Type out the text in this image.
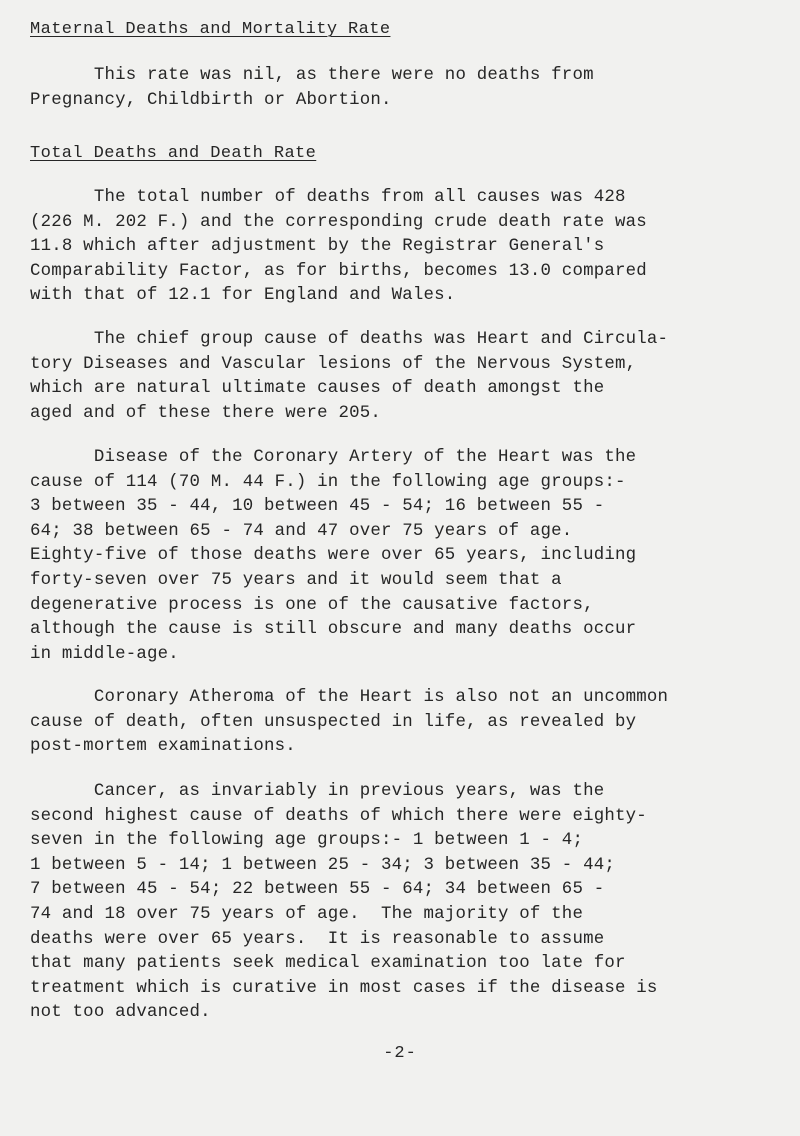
Maternal Deaths and Mortality Rate
This rate was nil, as there were no deaths from
Pregnancy, Childbirth or Abortion.
Total Deaths and Death Rate
The total number of deaths from all causes was 428
(226 M. 202 F.) and the corresponding crude death rate was
11.8 which after adjustment by the Registrar General's
Comparability Factor, as for births, becomes 13.0 compared
with that of 12.1 for England and Wales.
The chief group cause of deaths was Heart and Circula-
tory Diseases and Vascular lesions of the Nervous System,
which are natural ultimate causes of death amongst the
aged and of these there were 205.
Disease of the Coronary Artery of the Heart was the
cause of 114 (70 M. 44 F.) in the following age groups:-
3 between 35 - 44, 10 between 45 - 54; 16 between 55 -
64; 38 between 65 - 74 and 47 over 75 years of age.
Eighty-five of those deaths were over 65 years, including
forty-seven over 75 years and it would seem that a
degenerative process is one of the causative factors,
although the cause is still obscure and many deaths occur
in middle-age.
Coronary Atheroma of the Heart is also not an uncommon
cause of death, often unsuspected in life, as revealed by
post-mortem examinations.
Cancer, as invariably in previous years, was the
second highest cause of deaths of which there were eighty-
seven in the following age groups:- 1 between 1 - 4;
1 between 5 - 14; 1 between 25 - 34; 3 between 35 - 44;
7 between 45 - 54; 22 between 55 - 64; 34 between 65 -
74 and 18 over 75 years of age.  The majority of the
deaths were over 65 years.  It is reasonable to assume
that many patients seek medical examination too late for
treatment which is curative in most cases if the disease is
not too advanced.
-2-
